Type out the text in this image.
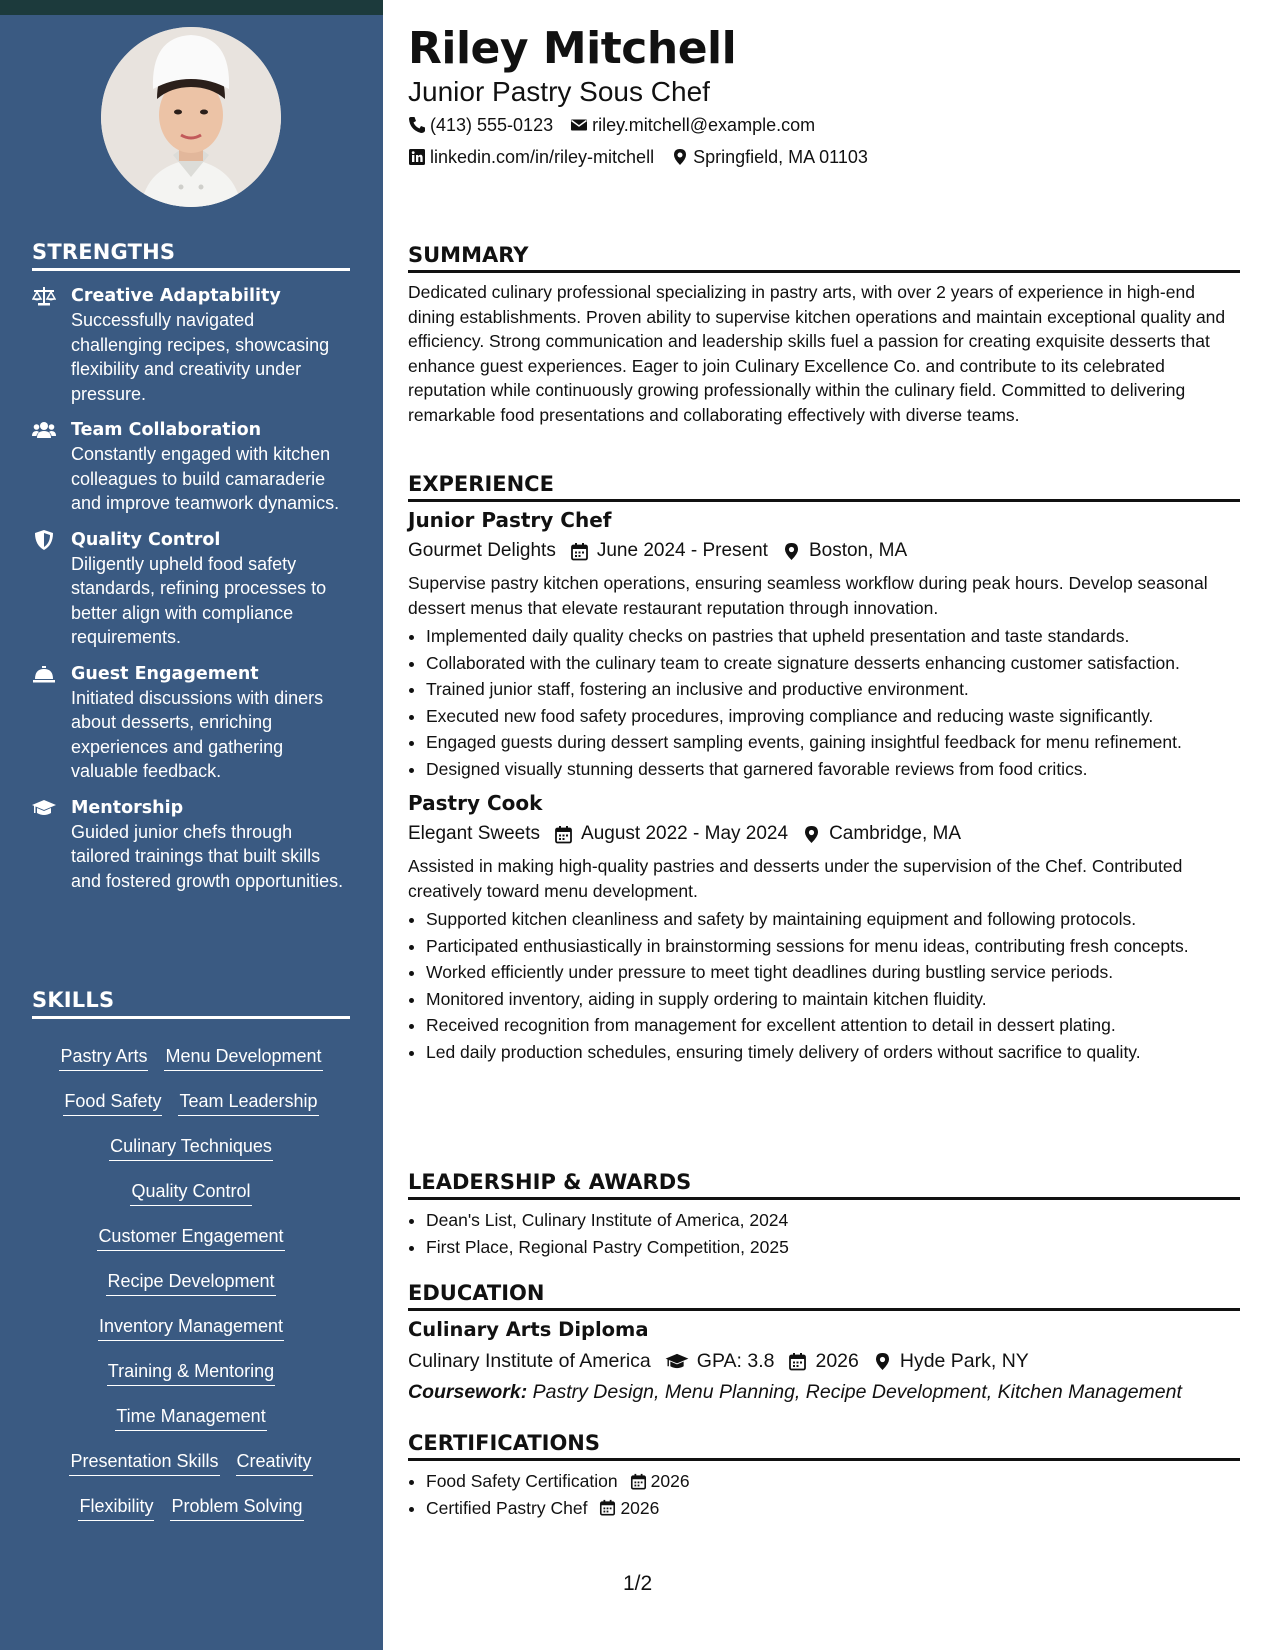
STRENGTHS
Creative Adaptability
Successfully navigated challenging recipes, showcasing flexibility and creativity under pressure.
Team Collaboration
Constantly engaged with kitchen colleagues to build camaraderie and improve teamwork dynamics.
Quality Control
Diligently upheld food safety standards, refining processes to better align with compliance requirements.
Guest Engagement
Initiated discussions with diners about desserts, enriching experiences and gathering valuable feedback.
Mentorship
Guided junior chefs through tailored trainings that built skills and fostered growth opportunities.
SKILLS
Pastry Arts Menu Development
Food Safety Team Leadership
Culinary Techniques
Quality Control
Customer Engagement
Recipe Development
Inventory Management
Training & Mentoring
Time Management
Presentation Skills Creativity
Flexibility Problem Solving
Riley Mitchell
Junior Pastry Sous Chef
(413) 555-0123 riley.mitchell@example.com
linkedin.com/in/riley-mitchell Springfield, MA 01103
SUMMARY
Dedicated culinary professional specializing in pastry arts, with over 2 years of experience in high-end dining establishments. Proven ability to supervise kitchen operations and maintain exceptional quality and efficiency. Strong communication and leadership skills fuel a passion for creating exquisite desserts that enhance guest experiences. Eager to join Culinary Excellence Co. and contribute to its celebrated reputation while continuously growing professionally within the culinary field. Committed to delivering remarkable food presentations and collaborating effectively with diverse teams.
EXPERIENCE
Junior Pastry Chef
Gourmet Delights June 2024 - Present Boston, MA
Supervise pastry kitchen operations, ensuring seamless workflow during peak hours. Develop seasonal dessert menus that elevate restaurant reputation through innovation.
• Implemented daily quality checks on pastries that upheld presentation and taste standards.
• Collaborated with the culinary team to create signature desserts enhancing customer satisfaction.
• Trained junior staff, fostering an inclusive and productive environment.
• Executed new food safety procedures, improving compliance and reducing waste significantly.
• Engaged guests during dessert sampling events, gaining insightful feedback for menu refinement.
• Designed visually stunning desserts that garnered favorable reviews from food critics.
Pastry Cook
Elegant Sweets August 2022 - May 2024 Cambridge, MA
Assisted in making high-quality pastries and desserts under the supervision of the Chef. Contributed creatively toward menu development.
• Supported kitchen cleanliness and safety by maintaining equipment and following protocols.
• Participated enthusiastically in brainstorming sessions for menu ideas, contributing fresh concepts.
• Worked efficiently under pressure to meet tight deadlines during bustling service periods.
• Monitored inventory, aiding in supply ordering to maintain kitchen fluidity.
• Received recognition from management for excellent attention to detail in dessert plating.
• Led daily production schedules, ensuring timely delivery of orders without sacrifice to quality.
LEADERSHIP & AWARDS
• Dean's List, Culinary Institute of America, 2024
• First Place, Regional Pastry Competition, 2025
EDUCATION
Culinary Arts Diploma
Culinary Institute of America GPA: 3.8 2026 Hyde Park, NY
Coursework: Pastry Design, Menu Planning, Recipe Development, Kitchen Management
CERTIFICATIONS
• Food Safety Certification 2026
• Certified Pastry Chef 2026
1/2
